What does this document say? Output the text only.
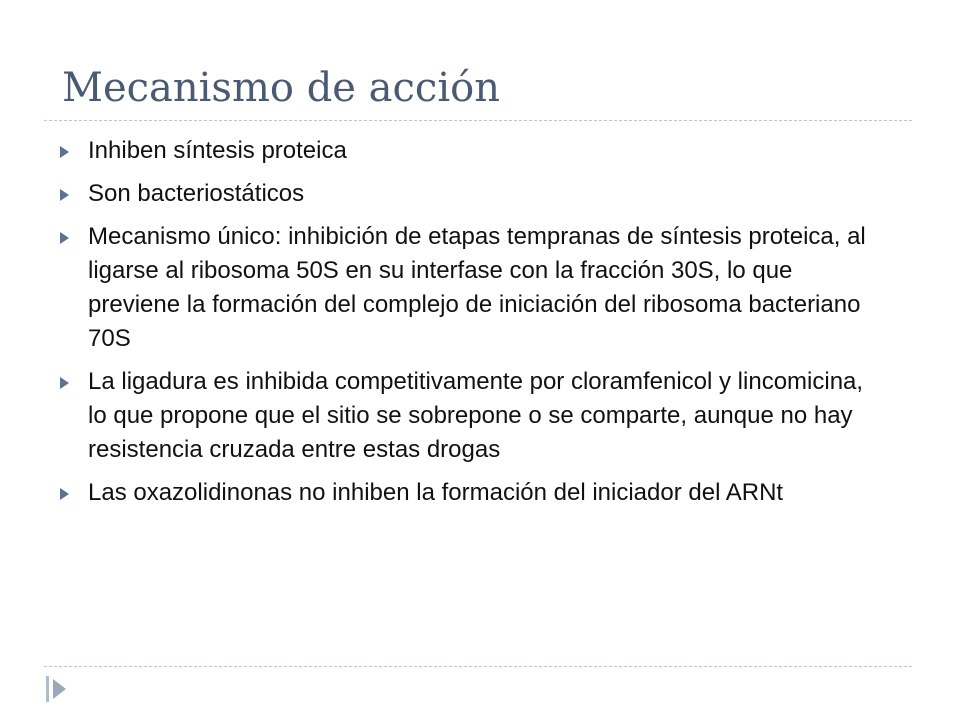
Mecanismo de acción
Inhiben síntesis proteica
Son bacteriostáticos
Mecanismo único: inhibición de etapas tempranas de síntesis proteica, al ligarse al ribosoma 50S en su interfase con la fracción 30S, lo que previene la formación del complejo de iniciación del ribosoma bacteriano 70S
La ligadura es inhibida competitivamente por cloramfenicol y lincomicina, lo que propone que el sitio se sobrepone o se comparte, aunque no hay resistencia cruzada entre estas drogas
Las oxazolidinonas no inhiben la formación del iniciador del ARNt
